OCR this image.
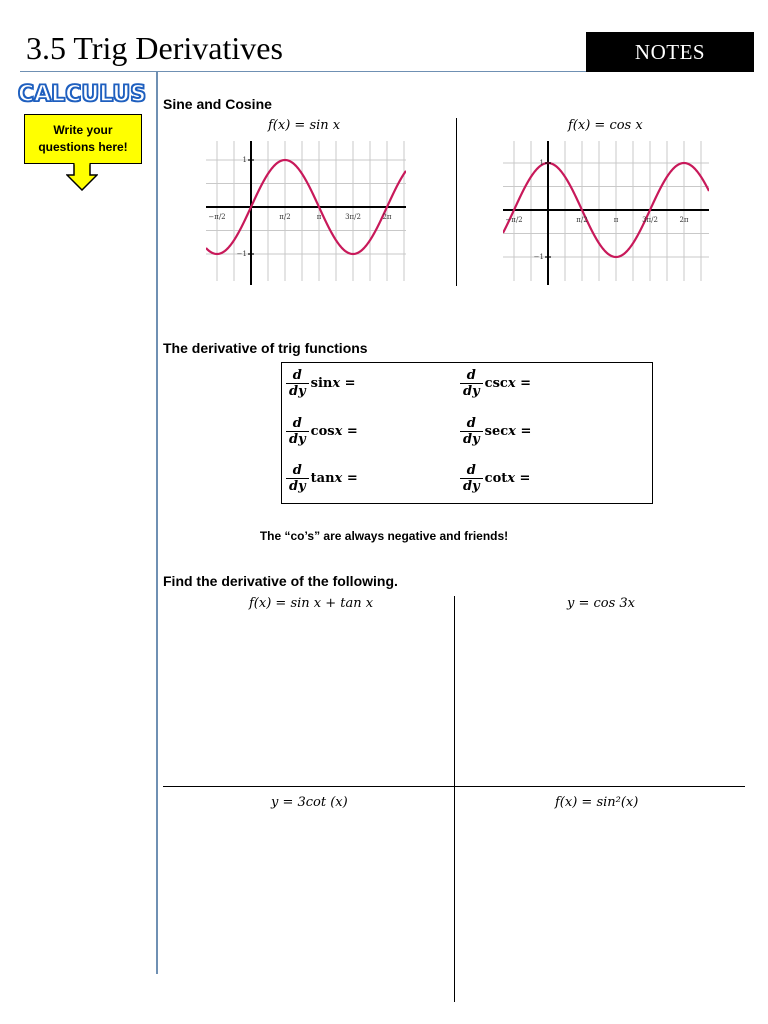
3.5 Trig Derivatives	NOTES
CALCULUS
Write your
questions here!
Sine and Cosine
f(x) = sin x	f(x) = cos x
−π/2	π/2	π	3π/2	2π
1
−1
−π/2	π/2	π	3π/2	2π
1
−1
The derivative of trig functions
$\frac{d}{dy}$ sin x =	$\frac{d}{dy}$ csc x =
$\frac{d}{dy}$ cos x =	$\frac{d}{dy}$ sec x =
$\frac{d}{dy}$ tan x =	$\frac{d}{dy}$ cot x =
The “co’s” are always negative and friends!
Find the derivative of the following.
f(x) = sin x + tan x	y = cos 3x
y = 3cot (x)	f(x) = sin²(x)
